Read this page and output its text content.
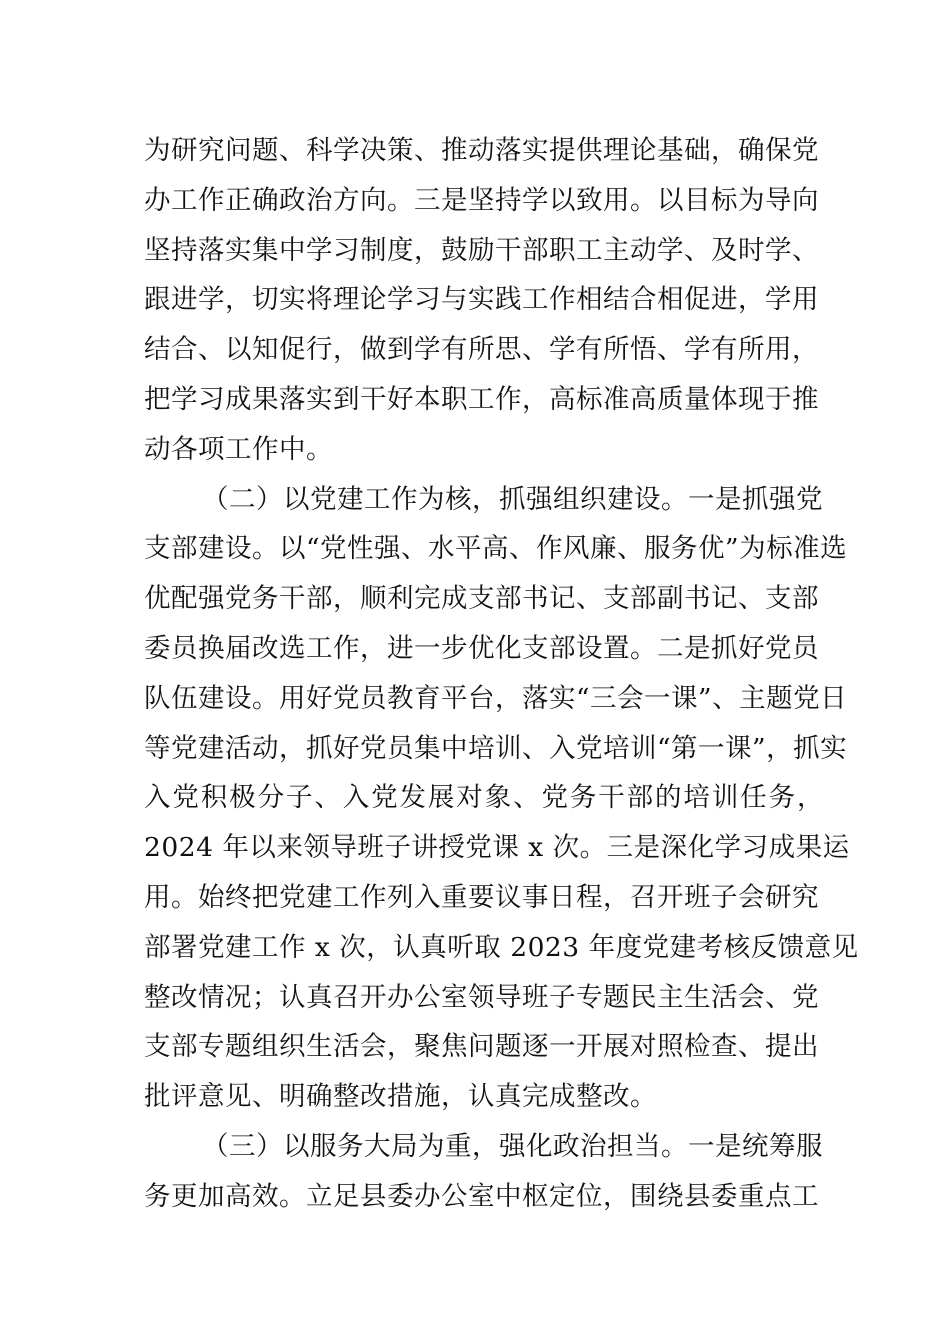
为研究问题、科学决策、推动落实提供理论基础，确保党
办工作正确政治方向。三是坚持学以致用。以目标为导向
坚持落实集中学习制度，鼓励干部职工主动学、及时学、
跟进学，切实将理论学习与实践工作相结合相促进，学用
结合、以知促行，做到学有所思、学有所悟、学有所用，
把学习成果落实到干好本职工作，高标准高质量体现于推
动各项工作中。
（二）以党建工作为核，抓强组织建设。一是抓强党
支部建设。以“党性强、水平高、作风廉、服务优”为标准选
优配强党务干部，顺利完成支部书记、支部副书记、支部
委员换届改选工作，进一步优化支部设置。二是抓好党员
队伍建设。用好党员教育平台，落实“三会一课”、主题党日
等党建活动，抓好党员集中培训、入党培训“第一课”，抓实
入党积极分子、入党发展对象、党务干部的培训任务，
2024 年以来领导班子讲授党课 x 次。三是深化学习成果运
用。始终把党建工作列入重要议事日程，召开班子会研究
部署党建工作 x 次，认真听取 2023 年度党建考核反馈意见
整改情况；认真召开办公室领导班子专题民主生活会、党
支部专题组织生活会，聚焦问题逐一开展对照检查、提出
批评意见、明确整改措施，认真完成整改。
（三）以服务大局为重，强化政治担当。一是统筹服
务更加高效。立足县委办公室中枢定位，围绕县委重点工
